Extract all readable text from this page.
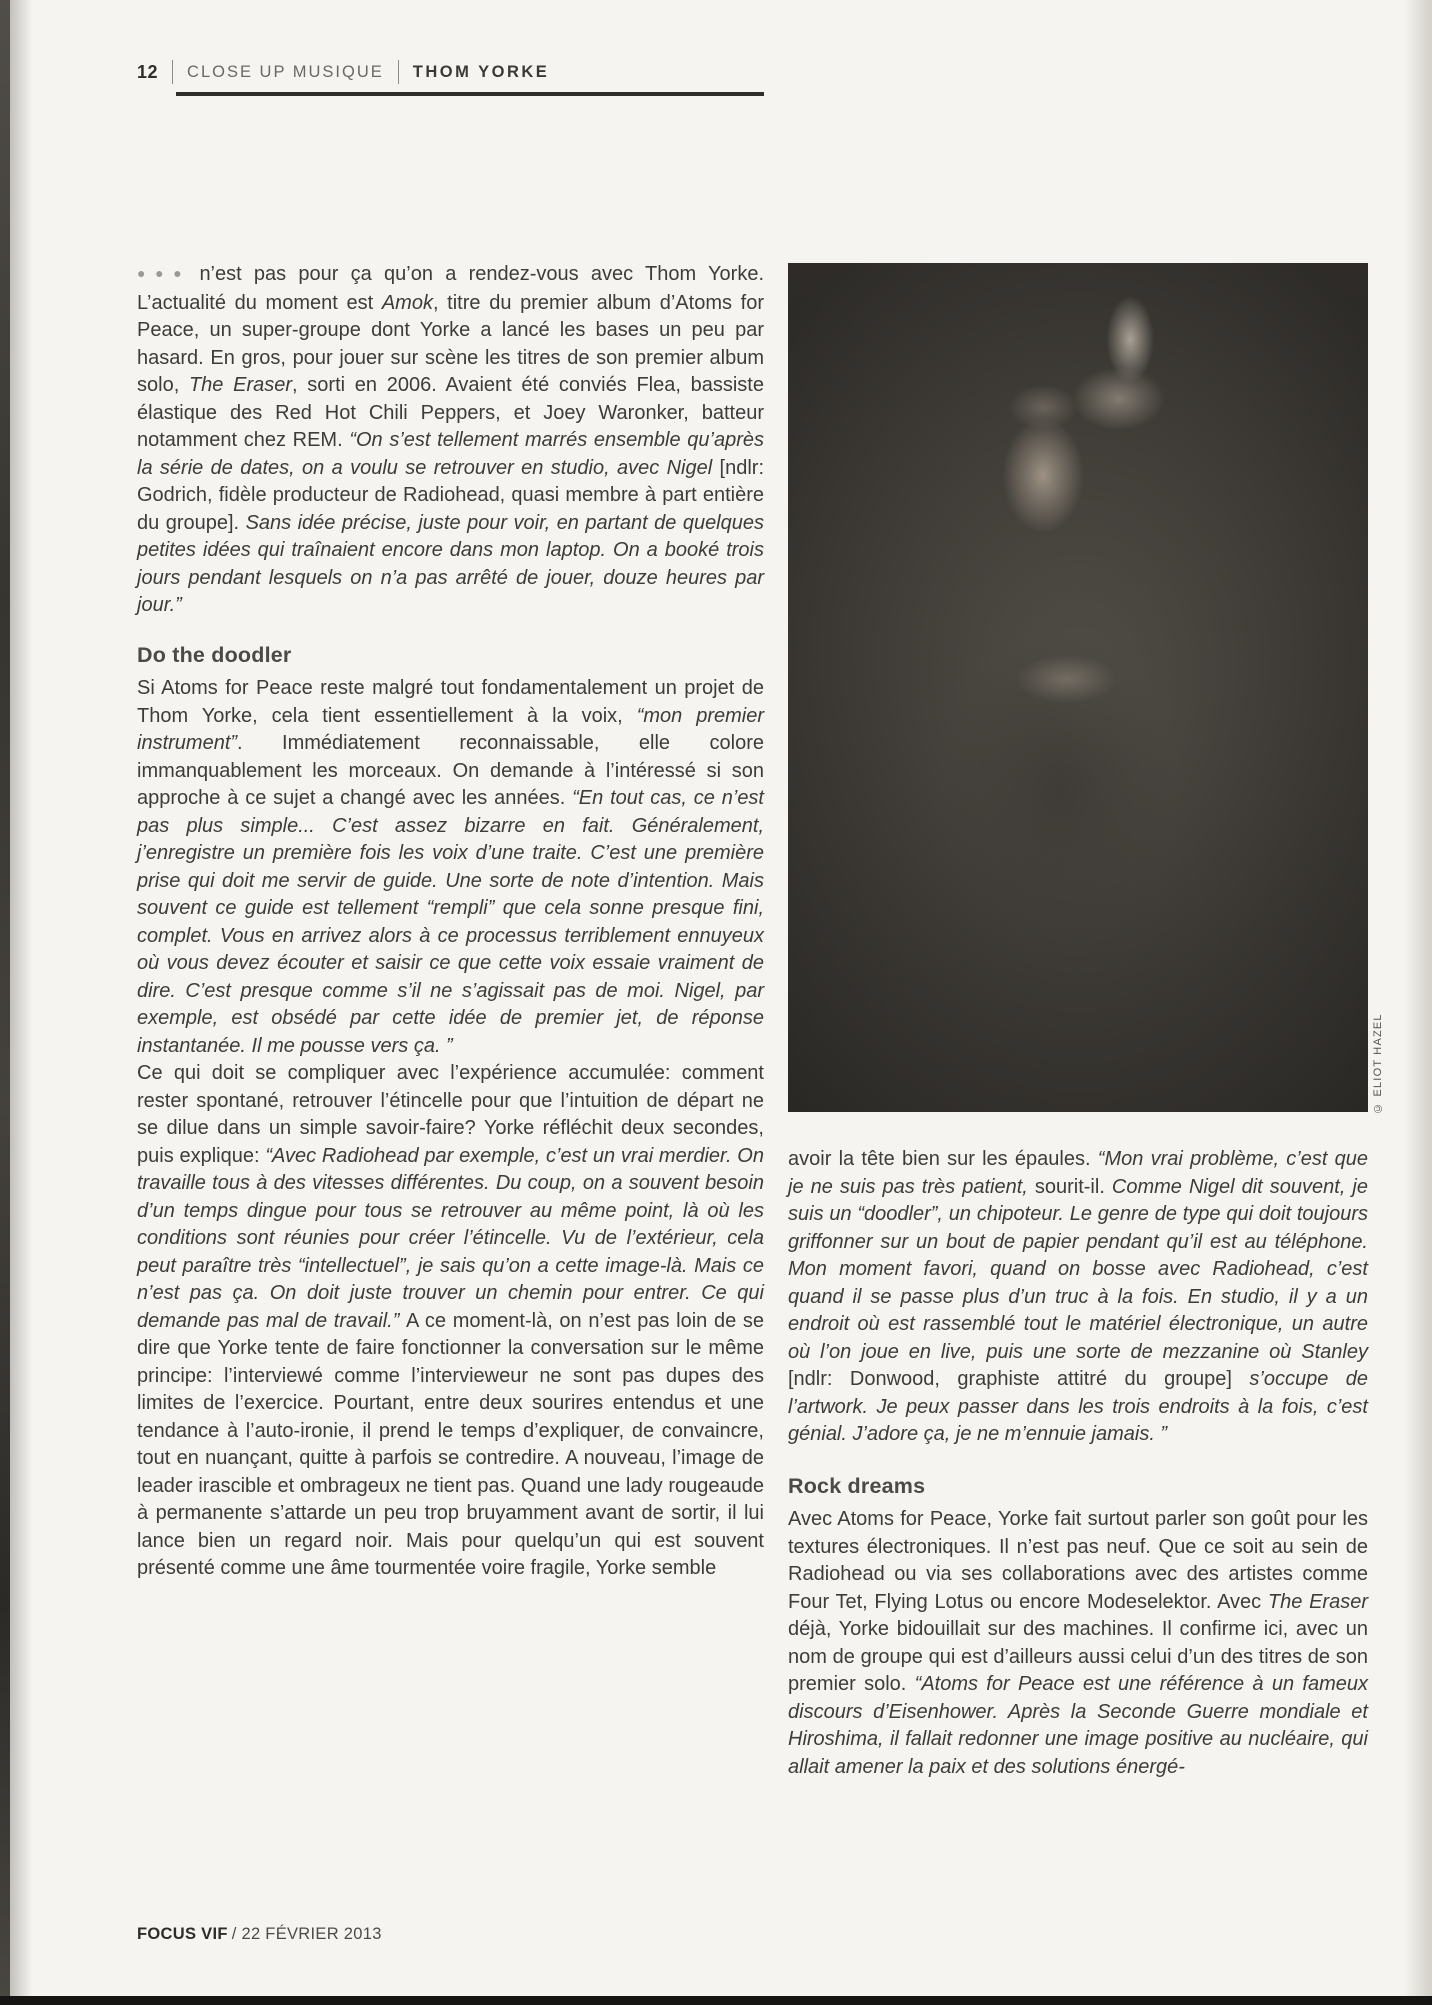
12 CLOSE UP MUSIQUE THOM YORKE

●●● n’est pas pour ça qu’on a rendez-vous avec Thom Yorke. L’actualité du moment est Amok, titre du premier album d’Atoms for Peace, un super-groupe dont Yorke a lancé les bases un peu par hasard. En gros, pour jouer sur scène les titres de son premier album solo, The Eraser, sorti en 2006. Avaient été conviés Flea, bassiste élastique des Red Hot Chili Peppers, et Joey Waronker, batteur notamment chez REM. “On s’est tellement marrés ensemble qu’après la série de dates, on a voulu se retrouver en studio, avec Nigel [ndlr: Godrich, fidèle producteur de Radiohead, quasi membre à part entière du groupe]. Sans idée précise, juste pour voir, en partant de quelques petites idées qui traînaient encore dans mon laptop. On a booké trois jours pendant lesquels on n’a pas arrêté de jouer, douze heures par jour.”

Do the doodler

Si Atoms for Peace reste malgré tout fondamentalement un projet de Thom Yorke, cela tient essentiellement à la voix, “mon premier instrument”. Immédiatement reconnaissable, elle colore immanquablement les morceaux. On demande à l’intéressé si son approche à ce sujet a changé avec les années. “En tout cas, ce n’est pas plus simple... C’est assez bizarre en fait. Généralement, j’enregistre un première fois les voix d’une traite. C’est une première prise qui doit me servir de guide. Une sorte de note d’intention. Mais souvent ce guide est tellement “rempli” que cela sonne presque fini, complet. Vous en arrivez alors à ce processus terriblement ennuyeux où vous devez écouter et saisir ce que cette voix essaie vraiment de dire. C’est presque comme s’il ne s’agissait pas de moi. Nigel, par exemple, est obsédé par cette idée de premier jet, de réponse instantanée. Il me pousse vers ça. ”

Ce qui doit se compliquer avec l’expérience accumulée: comment rester spontané, retrouver l’étincelle pour que l’intuition de départ ne se dilue dans un simple savoir-faire? Yorke réfléchit deux secondes, puis explique: “Avec Radiohead par exemple, c’est un vrai merdier. On travaille tous à des vitesses différentes. Du coup, on a souvent besoin d’un temps dingue pour tous se retrouver au même point, là où les conditions sont réunies pour créer l’étincelle. Vu de l’extérieur, cela peut paraître très “intellectuel”, je sais qu’on a cette image-là. Mais ce n’est pas ça. On doit juste trouver un chemin pour entrer. Ce qui demande pas mal de travail.” A ce moment-là, on n’est pas loin de se dire que Yorke tente de faire fonctionner la conversation sur le même principe: l’interviewé comme l’intervieweur ne sont pas dupes des limites de l’exercice. Pourtant, entre deux sourires entendus et une tendance à l’auto-ironie, il prend le temps d’expliquer, de convaincre, tout en nuançant, quitte à parfois se contredire. A nouveau, l’image de leader irascible et ombrageux ne tient pas. Quand une lady rougeaude à permanente s’attarde un peu trop bruyamment avant de sortir, il lui lance bien un regard noir. Mais pour quelqu’un qui est souvent présenté comme une âme tourmentée voire fragile, Yorke semble

© ELIOT HAZEL

avoir la tête bien sur les épaules. “Mon vrai problème, c’est que je ne suis pas très patient, sourit-il. Comme Nigel dit souvent, je suis un “doodler”, un chipoteur. Le genre de type qui doit toujours griffonner sur un bout de papier pendant qu’il est au téléphone. Mon moment favori, quand on bosse avec Radiohead, c’est quand il se passe plus d’un truc à la fois. En studio, il y a un endroit où est rassemblé tout le matériel électronique, un autre où l’on joue en live, puis une sorte de mezzanine où Stanley [ndlr: Donwood, graphiste attitré du groupe] s’occupe de l’artwork. Je peux passer dans les trois endroits à la fois, c’est génial. J’adore ça, je ne m’ennuie jamais. ”

Rock dreams

Avec Atoms for Peace, Yorke fait surtout parler son goût pour les textures électroniques. Il n’est pas neuf. Que ce soit au sein de Radiohead ou via ses collaborations avec des artistes comme Four Tet, Flying Lotus ou encore Modeselektor. Avec The Eraser déjà, Yorke bidouillait sur des machines. Il confirme ici, avec un nom de groupe qui est d’ailleurs aussi celui d’un des titres de son premier solo. “Atoms for Peace est une référence à un fameux discours d’Eisenhower. Après la Seconde Guerre mondiale et Hiroshima, il fallait redonner une image positive au nucléaire, qui allait amener la paix et des solutions énergé-

FOCUS VIF / 22 FÉVRIER 2013
